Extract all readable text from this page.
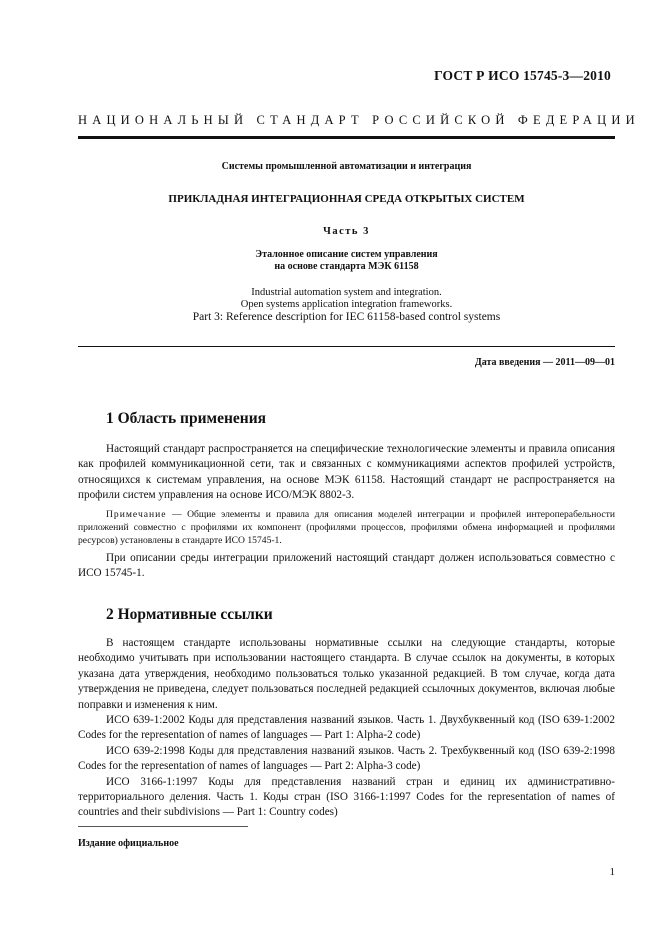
ГОСТ Р ИСО 15745-3—2010
НАЦИОНАЛЬНЫЙ СТАНДАРТ РОССИЙСКОЙ ФЕДЕРАЦИИ
Системы промышленной автоматизации и интеграция
ПРИКЛАДНАЯ ИНТЕГРАЦИОННАЯ СРЕДА ОТКРЫТЫХ СИСТЕМ
Часть 3
Эталонное описание систем управления
на основе стандарта МЭК 61158
Industrial automation system and integration.
Open systems application integration frameworks.
Part 3: Reference description for IEC 61158-based control systems
Дата введения — 2011—09—01
1 Область применения

Настоящий стандарт распространяется на специфические технологические элементы и правила описания как профилей коммуникационной сети, так и связанных с коммуникациями аспектов профилей устройств, относящихся к системам управления, на основе МЭК 61158. Настоящий стандарт не распространяется на профили систем управления на основе ИСО/МЭК 8802-3.

Примечание — Общие элементы и правила для описания моделей интеграции и профилей интероперабельности приложений совместно с профилями их компонент (профилями процессов, профилями обмена информацией и профилями ресурсов) установлены в стандарте ИСО 15745-1.

При описании среды интеграции приложений настоящий стандарт должен использоваться совместно с ИСО 15745-1.

2 Нормативные ссылки

В настоящем стандарте использованы нормативные ссылки на следующие стандарты, которые необходимо учитывать при использовании настоящего стандарта. В случае ссылок на документы, в которых указана дата утверждения, необходимо пользоваться только указанной редакцией. В том случае, когда дата утверждения не приведена, следует пользоваться последней редакцией ссылочных документов, включая любые поправки и изменения к ним.

ИСО 639-1:2002 Коды для представления названий языков. Часть 1. Двухбуквенный код (ISO 639-1:2002 Codes for the representation of names of languages — Part 1: Alpha-2 code)

ИСО 639-2:1998 Коды для представления названий языков. Часть 2. Трехбуквенный код (ISO 639-2:1998 Codes for the representation of names of languages — Part 2: Alpha-3 code)

ИСО 3166-1:1997 Коды для представления названий стран и единиц их административно-территориального деления. Часть 1. Коды стран (ISO 3166-1:1997 Codes for the representation of names of countries and their subdivisions — Part 1: Country codes)

Издание официальное
1
